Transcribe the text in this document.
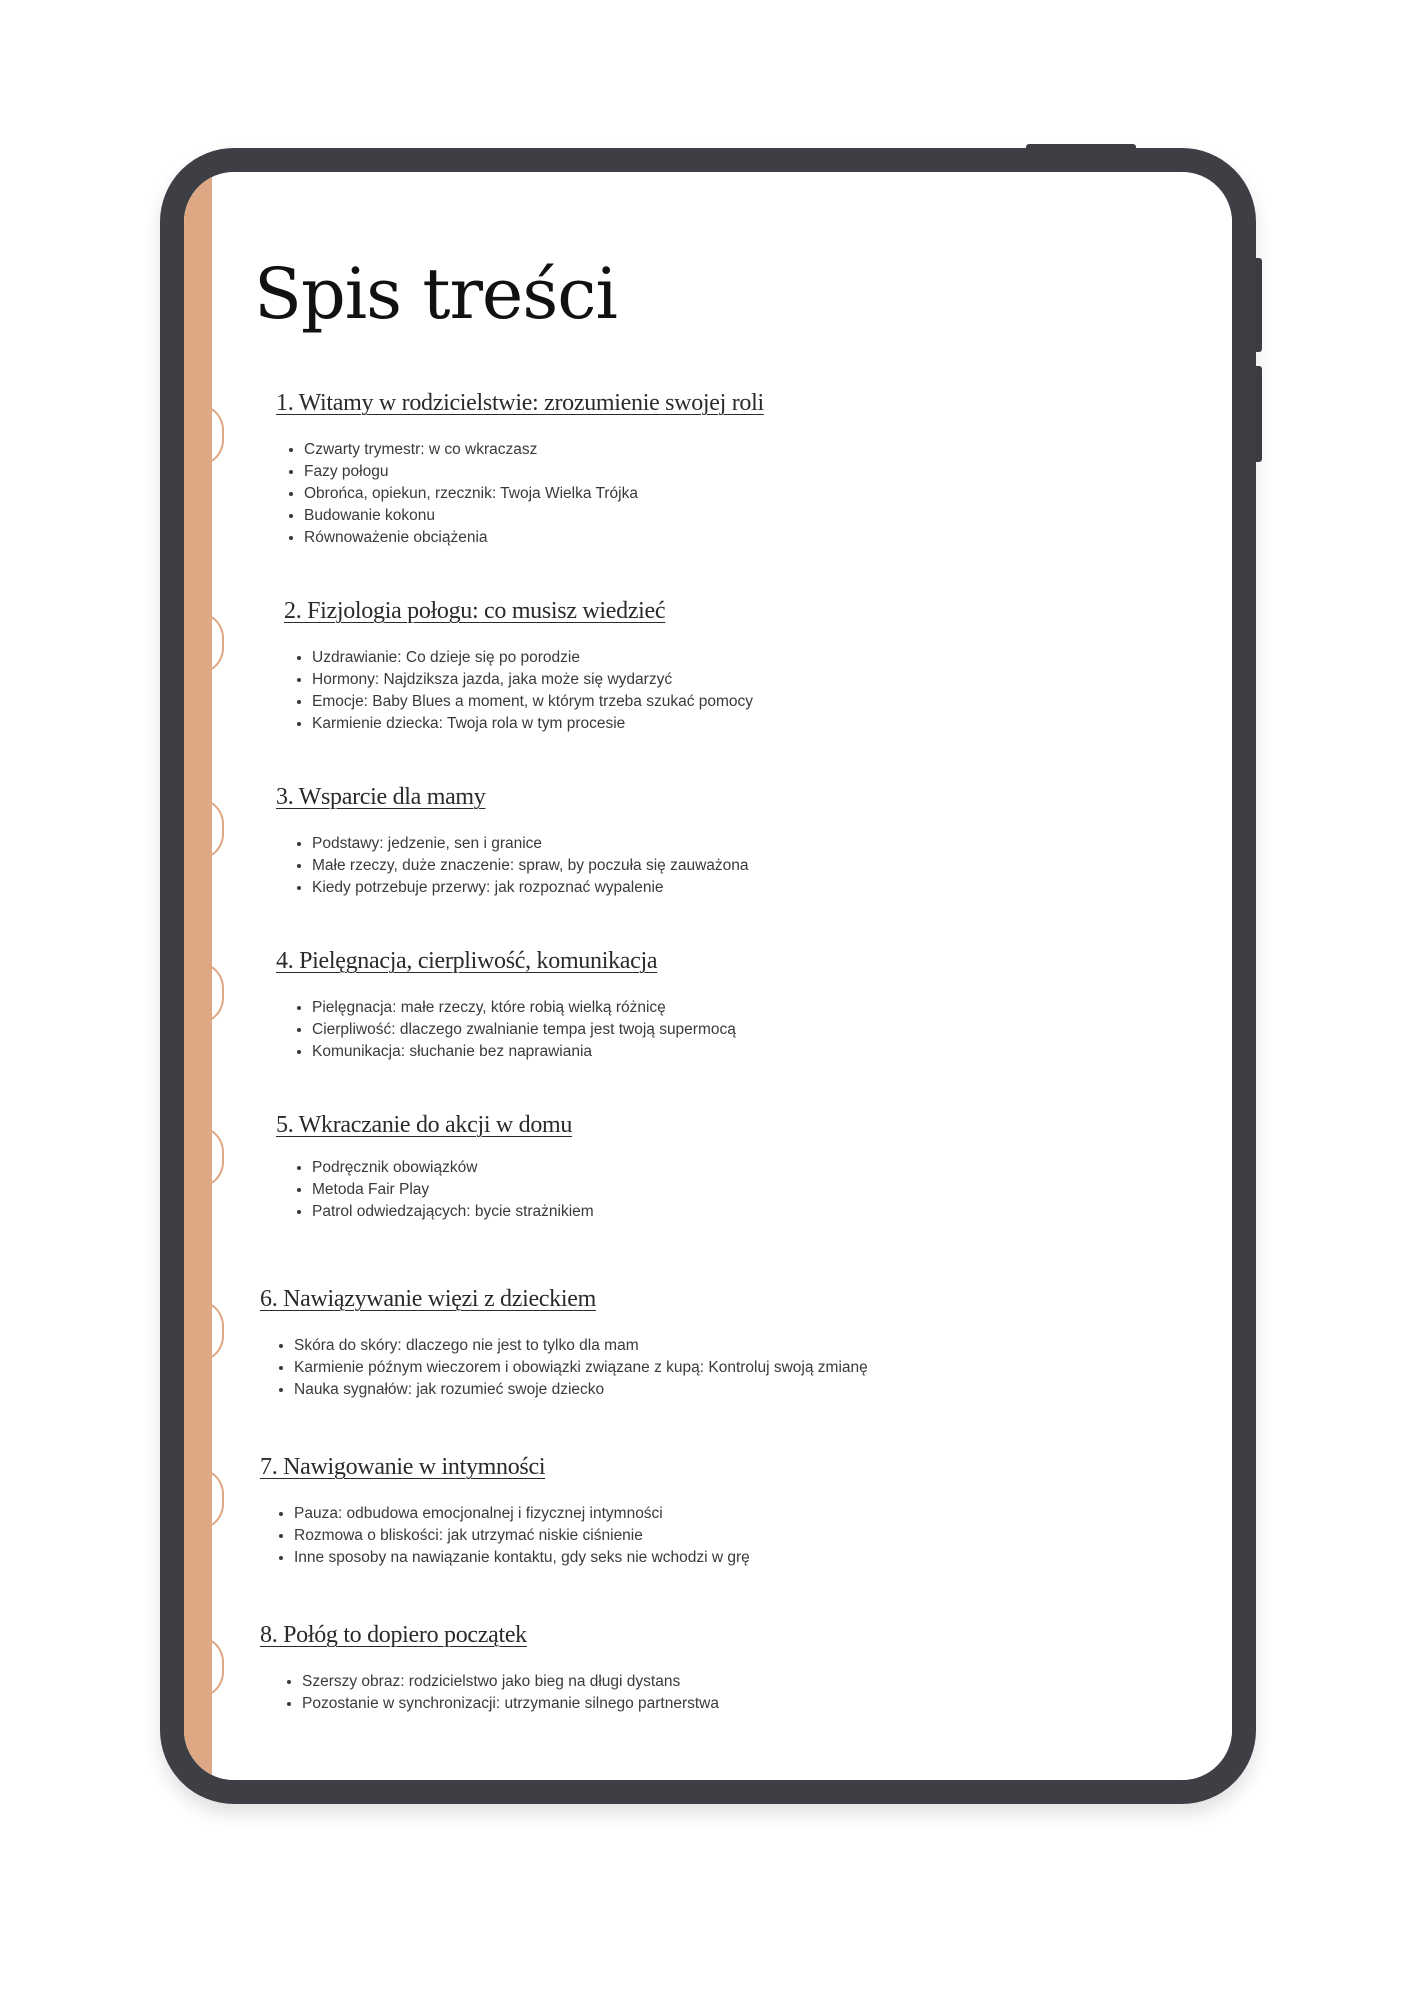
Spis treści
1. Witamy w rodzicielstwie: zrozumienie swojej roli
• Czwarty trymestr: w co wkraczasz
• Fazy połogu
• Obrońca, opiekun, rzecznik: Twoja Wielka Trójka
• Budowanie kokonu
• Równoważenie obciążenia
2. Fizjologia połogu: co musisz wiedzieć
• Uzdrawianie: Co dzieje się po porodzie
• Hormony: Najdziksza jazda, jaka może się wydarzyć
• Emocje: Baby Blues a moment, w którym trzeba szukać pomocy
• Karmienie dziecka: Twoja rola w tym procesie
3. Wsparcie dla mamy
• Podstawy: jedzenie, sen i granice
• Małe rzeczy, duże znaczenie: spraw, by poczuła się zauważona
• Kiedy potrzebuje przerwy: jak rozpoznać wypalenie
4. Pielęgnacja, cierpliwość, komunikacja
• Pielęgnacja: małe rzeczy, które robią wielką różnicę
• Cierpliwość: dlaczego zwalnianie tempa jest twoją supermocą
• Komunikacja: słuchanie bez naprawiania
5. Wkraczanie do akcji w domu
• Podręcznik obowiązków
• Metoda Fair Play
• Patrol odwiedzających: bycie strażnikiem
6. Nawiązywanie więzi z dzieckiem
• Skóra do skóry: dlaczego nie jest to tylko dla mam
• Karmienie późnym wieczorem i obowiązki związane z kupą: Kontroluj swoją zmianę
• Nauka sygnałów: jak rozumieć swoje dziecko
7. Nawigowanie w intymności
• Pauza: odbudowa emocjonalnej i fizycznej intymności
• Rozmowa o bliskości: jak utrzymać niskie ciśnienie
• Inne sposoby na nawiązanie kontaktu, gdy seks nie wchodzi w grę
8. Połóg to dopiero początek
• Szerszy obraz: rodzicielstwo jako bieg na długi dystans
• Pozostanie w synchronizacji: utrzymanie silnego partnerstwa
